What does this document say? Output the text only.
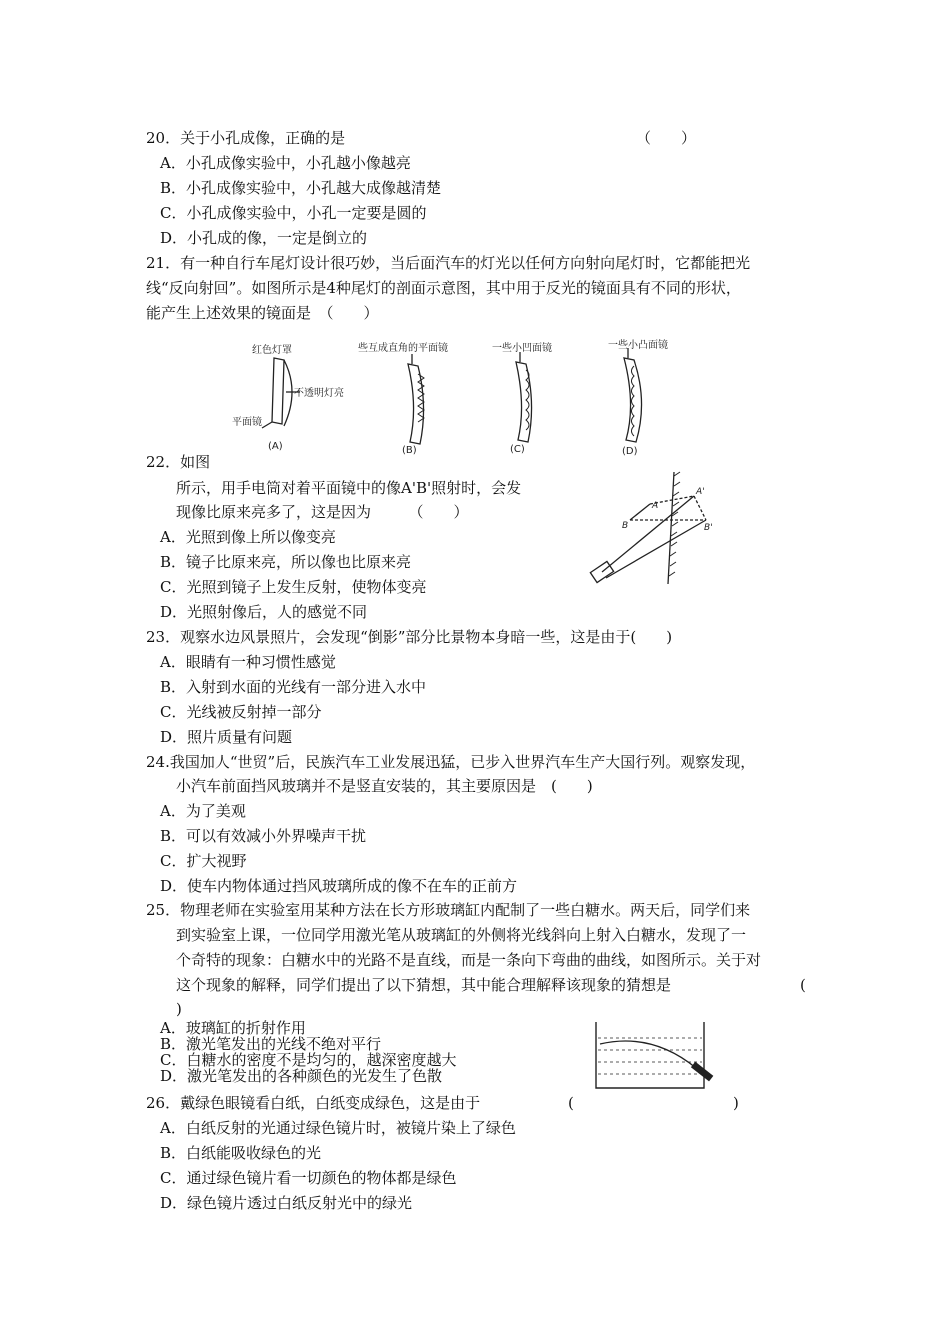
20．关于小孔成像，正确的是	（　　）
A．小孔成像实验中，小孔越小像越亮
B．小孔成像实验中，小孔越大成像越清楚
C．小孔成像实验中，小孔一定要是圆的
D．小孔成的像，一定是倒立的
21．有一种自行车尾灯设计很巧妙，当后面汽车的灯光以任何方向射向尾灯时，它都能把光
线“反向射回”。如图所示是4种尾灯的剖面示意图，其中用于反光的镜面具有不同的形状，
能产生上述效果的镜面是　（　　）
红色灯罩
不透明灯亮
平面镜
些互成直角的平面镜	一些小凹面镜	一些小凸面镜
(A)	(B)	(C)	(D)
22．如图
所示，用手电筒对着平面镜中的像A'B'照射时，会发
现像比原来亮多了，这是因为　　　（　　）
A．光照到像上所以像变亮
B．镜子比原来亮，所以像也比原来亮
C．光照到镜子上发生反射，使物体变亮
D．光照射像后，人的感觉不同
A
B
A'
B'
23．观察水边风景照片，会发现“倒影”部分比景物本身暗一些，这是由于(　　)
A．眼睛有一种习惯性感觉
B．入射到水面的光线有一部分进入水中
C．光线被反射掉一部分
D．照片质量有问题
24.我国加人“世贸”后，民族汽车工业发展迅猛，已步入世界汽车生产大国行列。观察发现，
小汽车前面挡风玻璃并不是竖直安装的，其主要原因是　(　　)
A．为了美观
B．可以有效减小外界噪声干扰
C．扩大视野
D．使车内物体通过挡风玻璃所成的像不在车的正前方
25．物理老师在实验室用某种方法在长方形玻璃缸内配制了一些白糖水。两天后，同学们来
到实验室上课，一位同学用激光笔从玻璃缸的外侧将光线斜向上射入白糖水，发现了一
个奇特的现象：白糖水中的光路不是直线，而是一条向下弯曲的曲线，如图所示。关于对
这个现象的解释，同学们提出了以下猜想，其中能合理解释该现象的猜想是	(
)
A．玻璃缸的折射作用
B．激光笔发出的光线不绝对平行
C．白糖水的密度不是均匀的，越深密度越大
D．激光笔发出的各种颜色的光发生了色散
26．戴绿色眼镜看白纸，白纸变成绿色，这是由于	(	)
A．白纸反射的光通过绿色镜片时，被镜片染上了绿色
B．白纸能吸收绿色的光
C．通过绿色镜片看一切颜色的物体都是绿色
D．绿色镜片透过白纸反射光中的绿光
